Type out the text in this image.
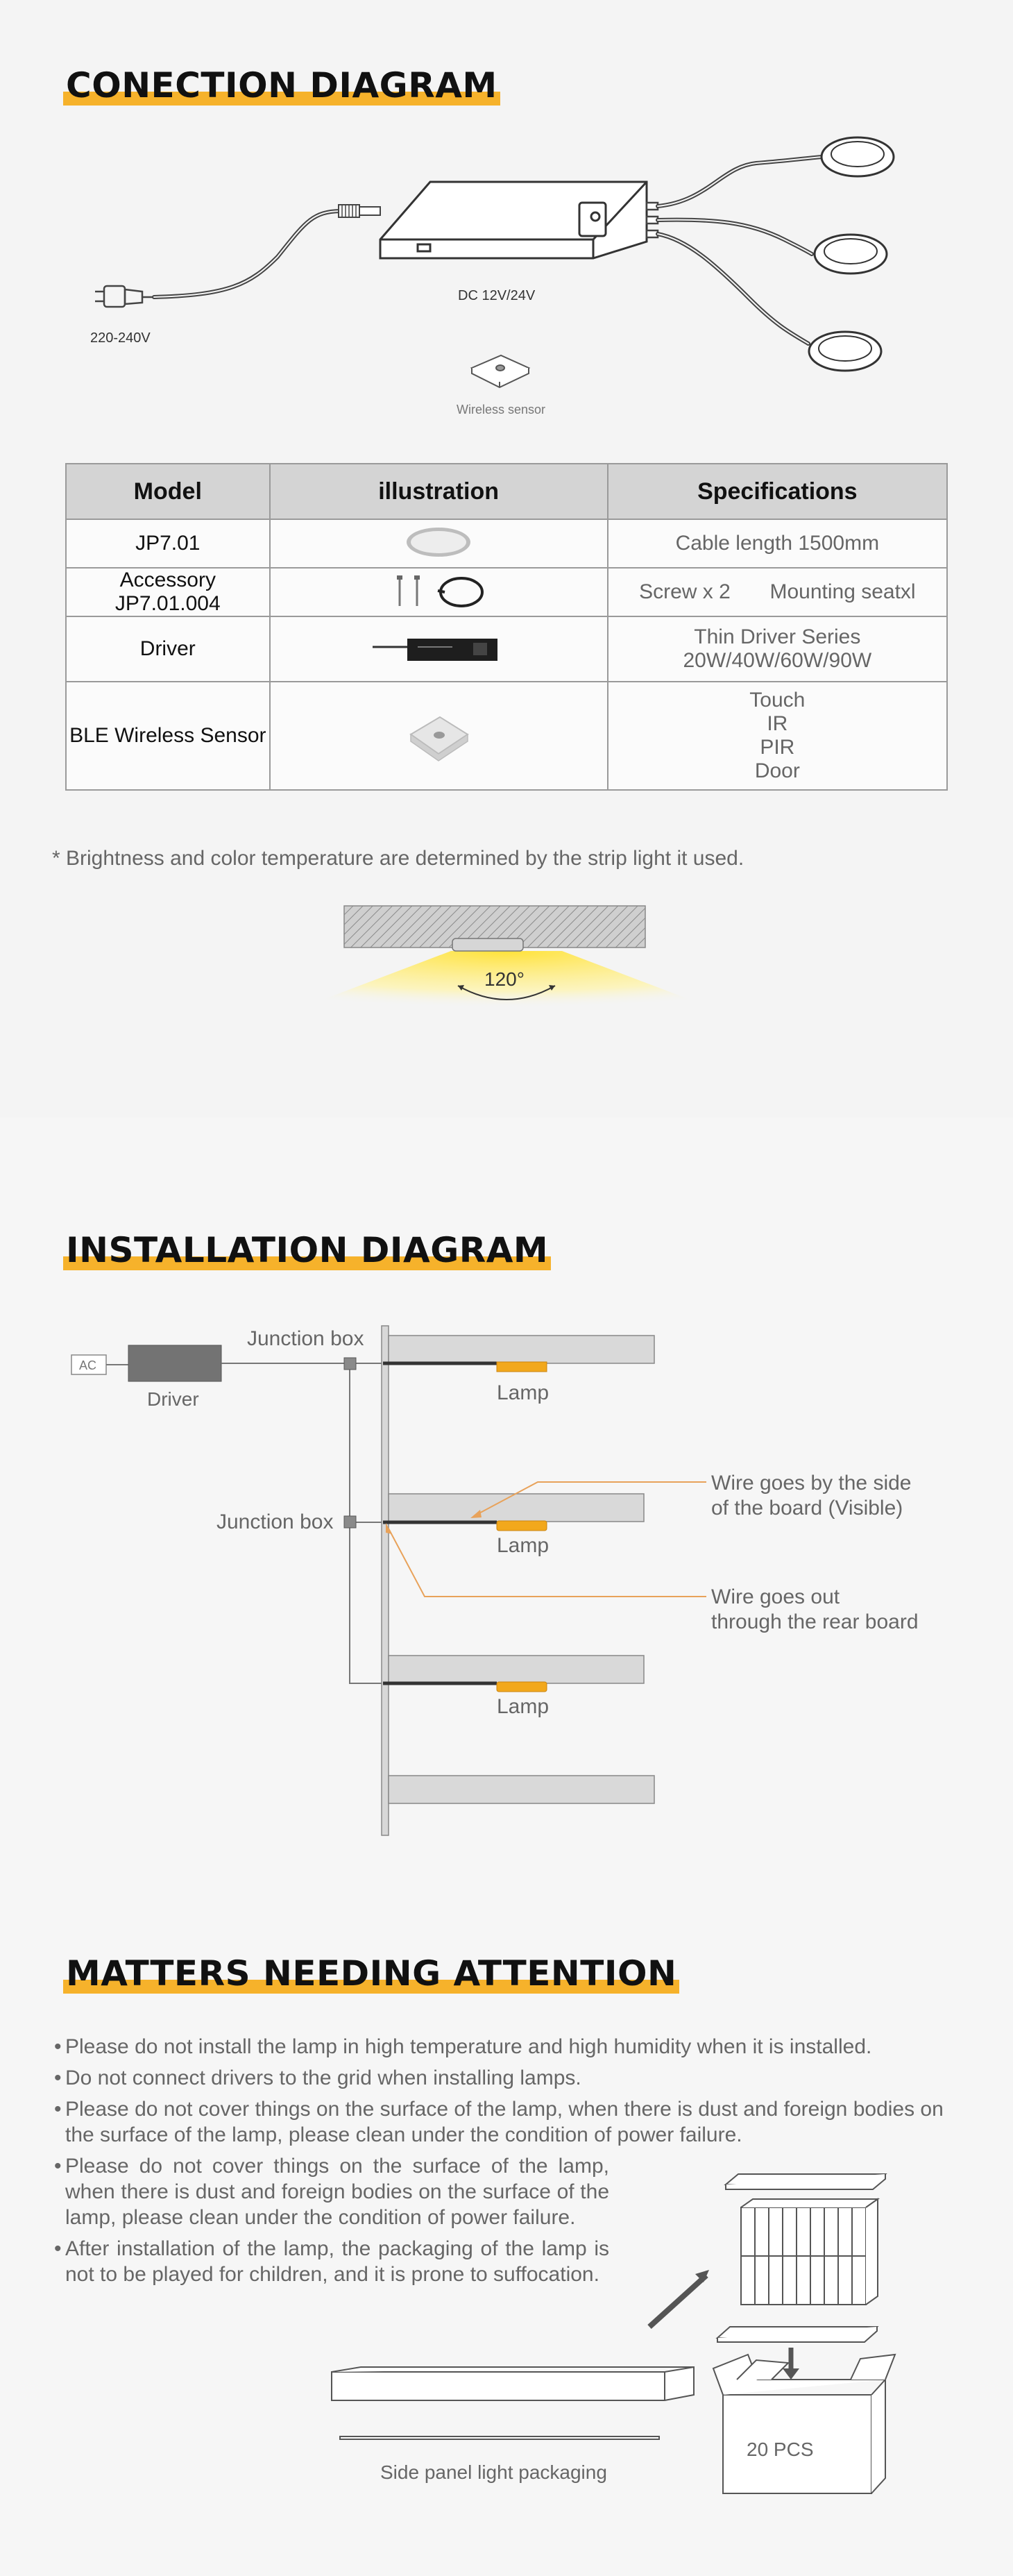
CONECTION DIAGRAM
220-240V
DC 12V/24V
Wireless sensor
Model	illustration	Specifications
JP7.01		Cable length 1500mm

Accessory
JP7.01.004		Screw x 2 Mounting seatxl
Driver		Thin Driver Series
20W/40W/60W/90W

BLE Wireless Sensor		Touch
IR
PIR
Door
* Brightness and color temperature are determined by the strip light it used.
120°
INSTALLATION DIAGRAM
AC
Driver
Junction box
Junction box
Lamp
Lamp
Lamp
Wire goes by the side
of the board (Visible)
Wire goes out
through the rear board
MATTERS NEEDING ATTENTION
• Please do not install the lamp in high temperature and high humidity when it is installed.
• Do not connect drivers to the grid when installing lamps.
• Please do not cover things on the surface of the lamp, when there is dust and foreign bodies on the surface of the lamp, please clean under the condition of power failure.
• Please do not cover things on the surface of the lamp, when there is dust and foreign bodies on the surface of the lamp, please clean under the condition of power failure.
• After installation of the lamp, the packaging of the lamp is not to be played for children, and it is prone to suffocation.
Side panel light packaging
20 PCS
